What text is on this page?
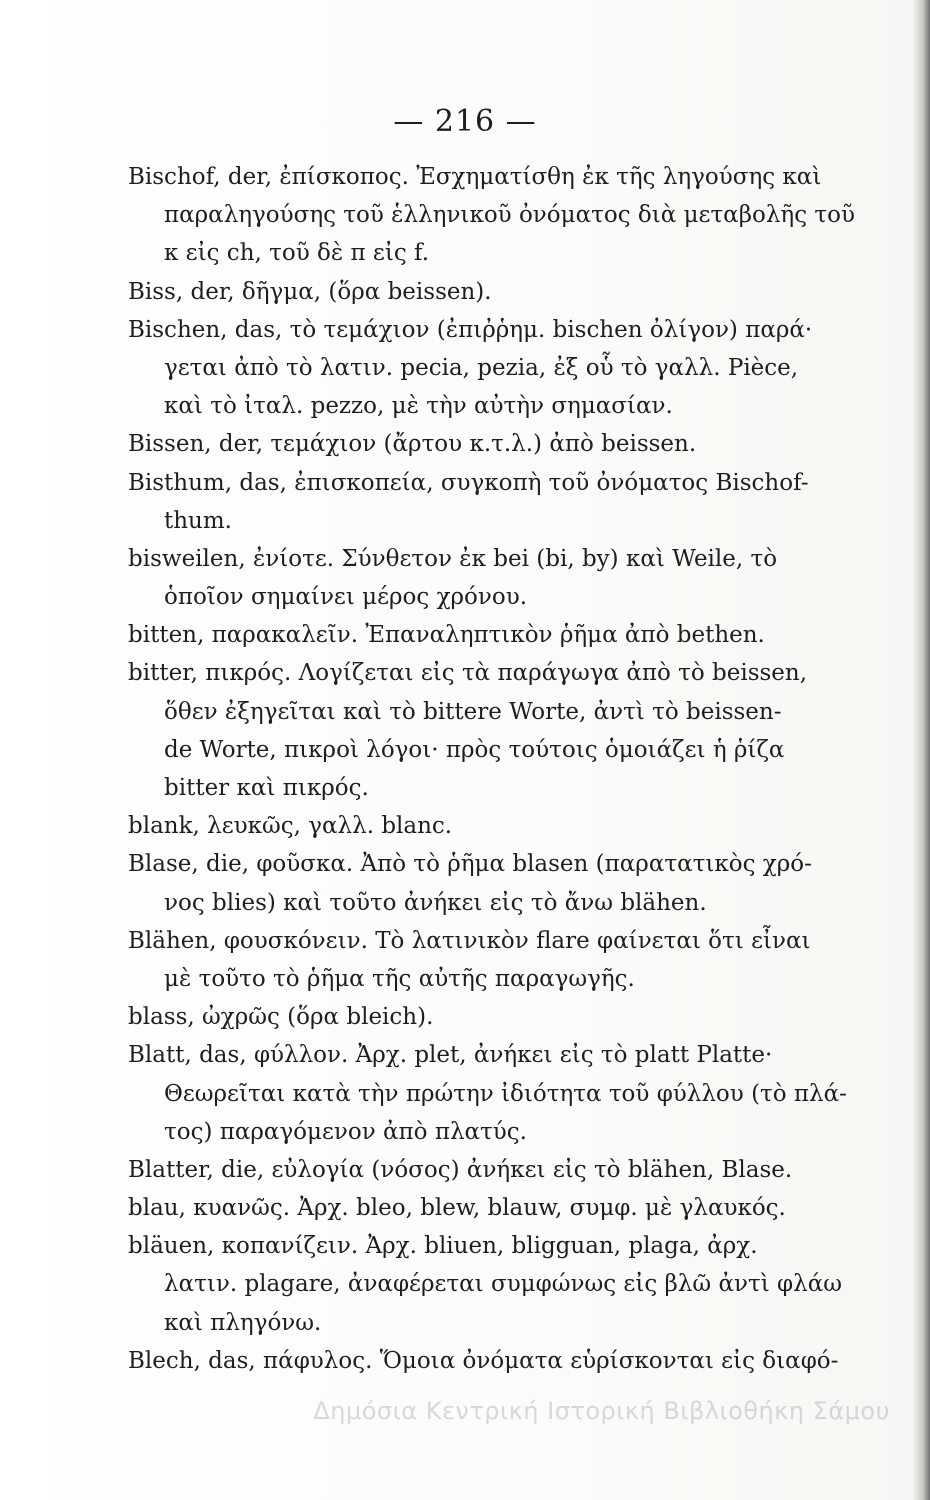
— 216 —
Bischof, der, ἐπίσκοπος. Ἐσχηματίσθη ἐκ τῆς ληγούσης καὶ
παραληγούσης τοῦ ἑλληνικοῦ ὀνόματος διὰ μεταβολῆς τοῦ
κ εἰς ch, τοῦ δὲ π εἰς f.
Biss, der, δῆγμα, (ὅρα beissen).
Bischen, das, τὸ τεμάχιον (ἐπιῤῥημ. bischen ὀλίγον) παρά·
γεται ἀπὸ τὸ λατιν. pecia, pezia, ἐξ οὗ τὸ γαλλ. Pièce,
καὶ τὸ ἰταλ. pezzo, μὲ τὴν αὐτὴν σημασίαν.
Bissen, der, τεμάχιον (ἄρτου κ.τ.λ.) ἀπὸ beissen.
Bisthum, das, ἐπισκοπεία, συγκοπὴ τοῦ ὀνόματος Bischof-
thum.
bisweilen, ἐνίοτε. Σύνθετον ἐκ bei (bi, by) καὶ Weile, τὸ
ὁποῖον σημαίνει μέρος χρόνου.
bitten, παρακαλεῖν. Ἐπαναληπτικὸν ῥῆμα ἀπὸ bethen.
bitter, πικρός. Λογίζεται εἰς τὰ παράγωγα ἀπὸ τὸ beissen,
ὅθεν ἐξηγεῖται καὶ τὸ bittere Worte, ἀντὶ τὸ beissen-
de Worte, πικροὶ λόγοι· πρὸς τούτοις ὁμοιάζει ἡ ῥίζα
bitter καὶ πικρός.
blank, λευκῶς, γαλλ. blanc.
Blase, die, φοῦσκα. Ἀπὸ τὸ ῥῆμα blasen (παρατατικὸς χρό-
νος blies) καὶ τοῦτο ἀνήκει εἰς τὸ ἄνω blähen.
Blähen, φουσκόνειν. Τὸ λατινικὸν flare φαίνεται ὅτι εἶναι
μὲ τοῦτο τὸ ῥῆμα τῆς αὐτῆς παραγωγῆς.
blass, ὠχρῶς (ὅρα bleich).
Blatt, das, φύλλον. Ἀρχ. plet, ἀνήκει εἰς τὸ platt Platte·
Θεωρεῖται κατὰ τὴν πρώτην ἰδιότητα τοῦ φύλλου (τὸ πλά-
τος) παραγόμενον ἀπὸ πλατύς.
Blatter, die, εὐλογία (νόσος) ἀνήκει εἰς τὸ blähen, Blase.
blau, κυανῶς. Ἀρχ. bleo, blew, blauw, συμφ. μὲ γλαυκός.
bläuen, κοπανίζειν. Ἀρχ. bliuen, bligguan, plaga, ἀρχ.
λατιν. plagare, ἀναφέρεται συμφώνως εἰς βλῶ ἀντὶ φλάω
καὶ πληγόνω.
Blech, das, πάφυλος. Ὅμοια ὀνόματα εὑρίσκονται εἰς διαφό-
Δημόσια Κεντρική Ιστορική Βιβλιοθήκη Σάμου
